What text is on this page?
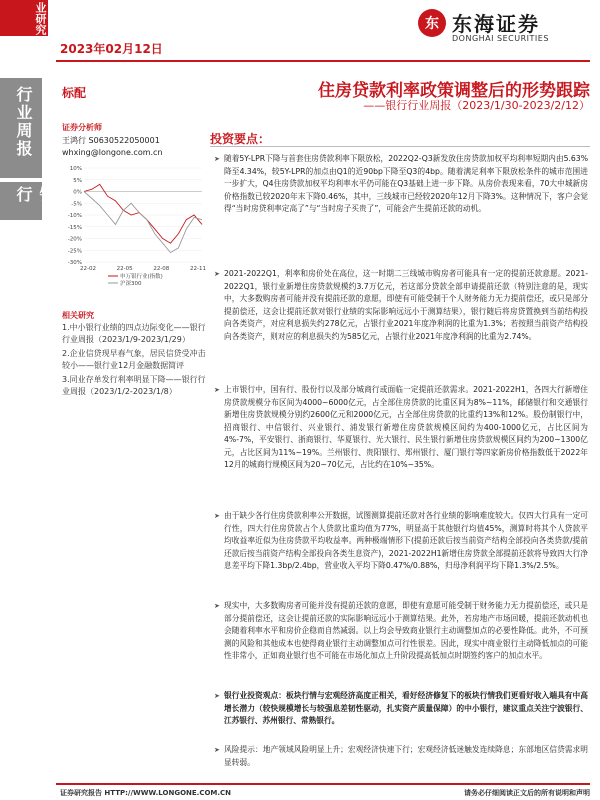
业研究
行业周报
银行
2023年02月12日
东 东海证券
DONGHAI SECURITIES
标配	住房贷款利率政策调整后的形势跟踪
——银行行业周报（2023/1/30-2023/2/12）
证券分析师
王鸿行 S0630522050001
whxing@longone.com.cn
10%
5%
0%
-5%
-10%
-15%
-20%
-25%
-30%
22-02	22-05	22-08	22-11
申万银行业(指数)
沪深300
相关研究
1.中小银行业绩的四点边际变化——银行行业周报（2023/1/9-2023/1/29）
2.企业信贷现早春气象，居民信贷受冲击较小——银行业12月金融数据简评
3.同业存单发行利率明显下降——银行行业周报（2023/1/2-2023/1/8）
投资要点：
➤ 随着5Y-LPR下降与首套住房贷款利率下限放松，2022Q2-Q3新发放住房贷款加权平均利率短期内由5.63%降至4.34%，较5Y-LPR的加点由Q1的近90bp下降至Q3的4bp。随着满足利率下限放松条件的城市范围进一步扩大，Q4住房贷款加权平均利率水平仍可能在Q3基础上进一步下降。从房价表现来看，70大中城新房价格指数已较2020年末下降0.46%，其中，三线城市已经较2020年12月下降3%。这种情况下，客户会觉得“当时房贷利率定高了”与“当时房子买贵了”，可能会产生提前还款的动机。
➤ 2021-2022Q1，利率和房价处在高位，这一时期二三线城市购房者可能具有一定的提前还款意愿。2021-2022Q1，银行业新增住房贷款规模约3.7万亿元，若这部分贷款全部申请提前还款（特别注意的是，现实中，大多数购房者可能并没有提前还款的意愿，即使有可能受制于个人财务能力无力提前偿还，或只是部分提前偿还，这会让提前还款对银行业绩的实际影响远远小于测算结果），银行随后将房贷置换到当前结构投向各类资产，对应利息损失约278亿元，占银行业2021年度净利润的比重为1.3%；若按照当前资产结构投向各类资产，则对应的利息损失约为585亿元，占银行业2021年度净利润的比重为2.74%。
➤ 上市银行中，国有行、股份行以及部分城商行或面临一定提前还款需求。2021-2022H1，各四大行新增住房贷款规模分布区间为4000~6000亿元，占全部住房贷款的比重区间为8%~11%，邮储银行和交通银行新增住房贷款规模分别约2600亿元和2000亿元，占全部住房贷款的比重约13%和12%。股份制银行中，招商银行、中信银行、兴业银行、浦发银行新增住房贷款规模区间约为400-1000亿元，占比区间为4%-7%，平安银行、浙商银行、华夏银行、光大银行、民生银行新增住房贷款规模区间约为200~1300亿元，占比区间为11%~19%。兰州银行、贵阳银行、郑州银行、厦门银行等四家新房价格指数低于2022年12月的城商行规模区间为20~70亿元，占比约在10%~35%。
➤ 由于缺少各行住房贷款利率公开数据，试图测算提前还款对各行业绩的影响难度较大。仅四大行具有一定可行性，四大行住房贷款占个人贷款比重均值为77%，明显高于其他银行均值45%，测算时将其个人贷款平均收益率近似为住房贷款平均收益率。两种极端情形下(提前还款后按当前资产结构全部投向各类贷款/提前还款后按当前资产结构全部投向各类生息资产)，2021-2022H1新增住房贷款全部提前还款将导致四大行净息差平均下降1.3bp/2.4bp，营业收入平均下降0.47%/0.88%，归母净利润平均下降1.3%/2.5%。
➤ 现实中，大多数购房者可能并没有提前还款的意愿，即使有意愿可能受制于财务能力无力提前偿还，或只是部分提前偿还，这会让提前还款的实际影响远远小于测算结果。此外，若房地产市场回暖，提前还款动机也会随着利率水平和房价企稳而自然减弱。以上均会导致商业银行主动调整加点的必要性降低。此外，不可预测的风险和其他成本也使得商业银行主动调整加点可行性很差。因此，现实中商业银行主动降低加点的可能性非常小，正如商业银行也不可能在市场化加点上升阶段提高低加点时期签约客户的加点水平。
➤ 银行业投资观点：板块行情与宏观经济高度正相关，看好经济修复下的板块行情我们更看好收入端具有中高增长潜力（较快规模增长与较强息差韧性驱动，扎实资产质量保障）的中小银行，建议重点关注宁波银行、江苏银行、苏州银行、常熟银行。
➤ 风险提示：地产领域风险明显上升；宏观经济快速下行；宏观经济低迷触发连续降息；东部地区信贷需求明显转弱。
证券研究报告 HTTP://WWW.LONGONE.COM.CN	请务必仔细阅读正文后的所有说明和声明
